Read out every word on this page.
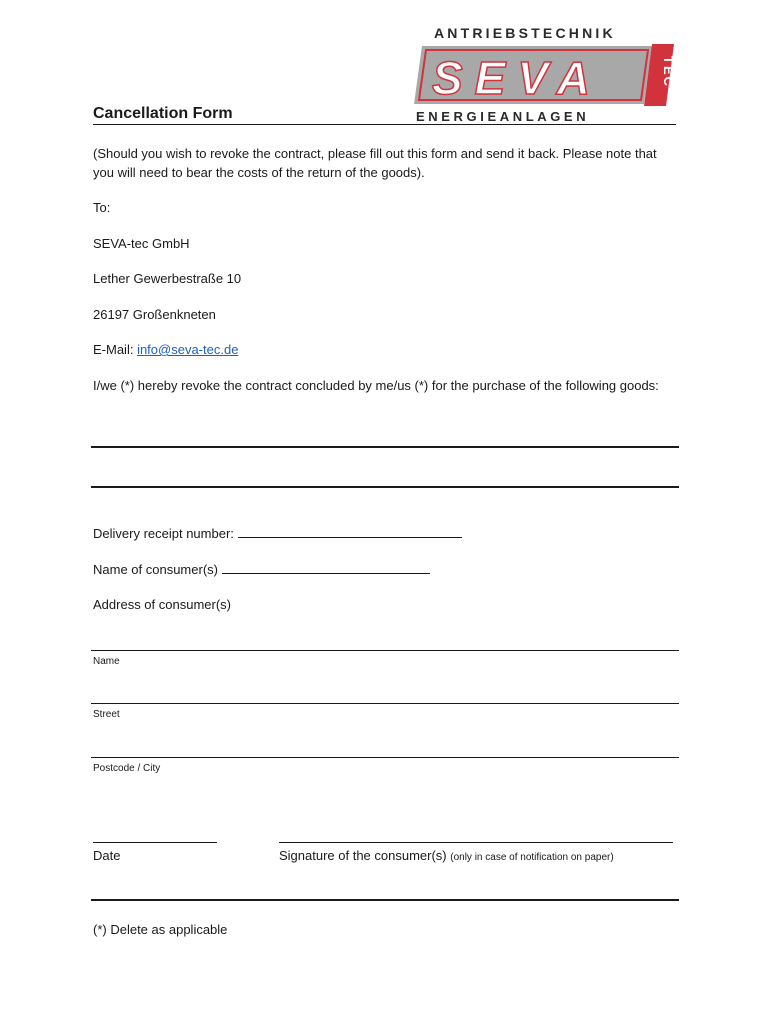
ANTRIEBSTECHNIK
SEVA	TEC
ENERGIEANLAGEN
Cancellation Form
(Should you wish to revoke the contract, please fill out this form and send it back. Please note that you will need to bear the costs of the return of the goods).
To:
SEVA-tec GmbH
Lether Gewerbestraße 10
26197 Großenkneten
E-Mail: info@seva-tec.de
I/we (*) hereby revoke the contract concluded by me/us (*) for the purchase of the following goods:
Delivery receipt number:
Name of consumer(s)
Address of consumer(s)
Name
Street
Postcode / City
Date	Signature of the consumer(s) (only in case of notification on paper)
(*) Delete as applicable
